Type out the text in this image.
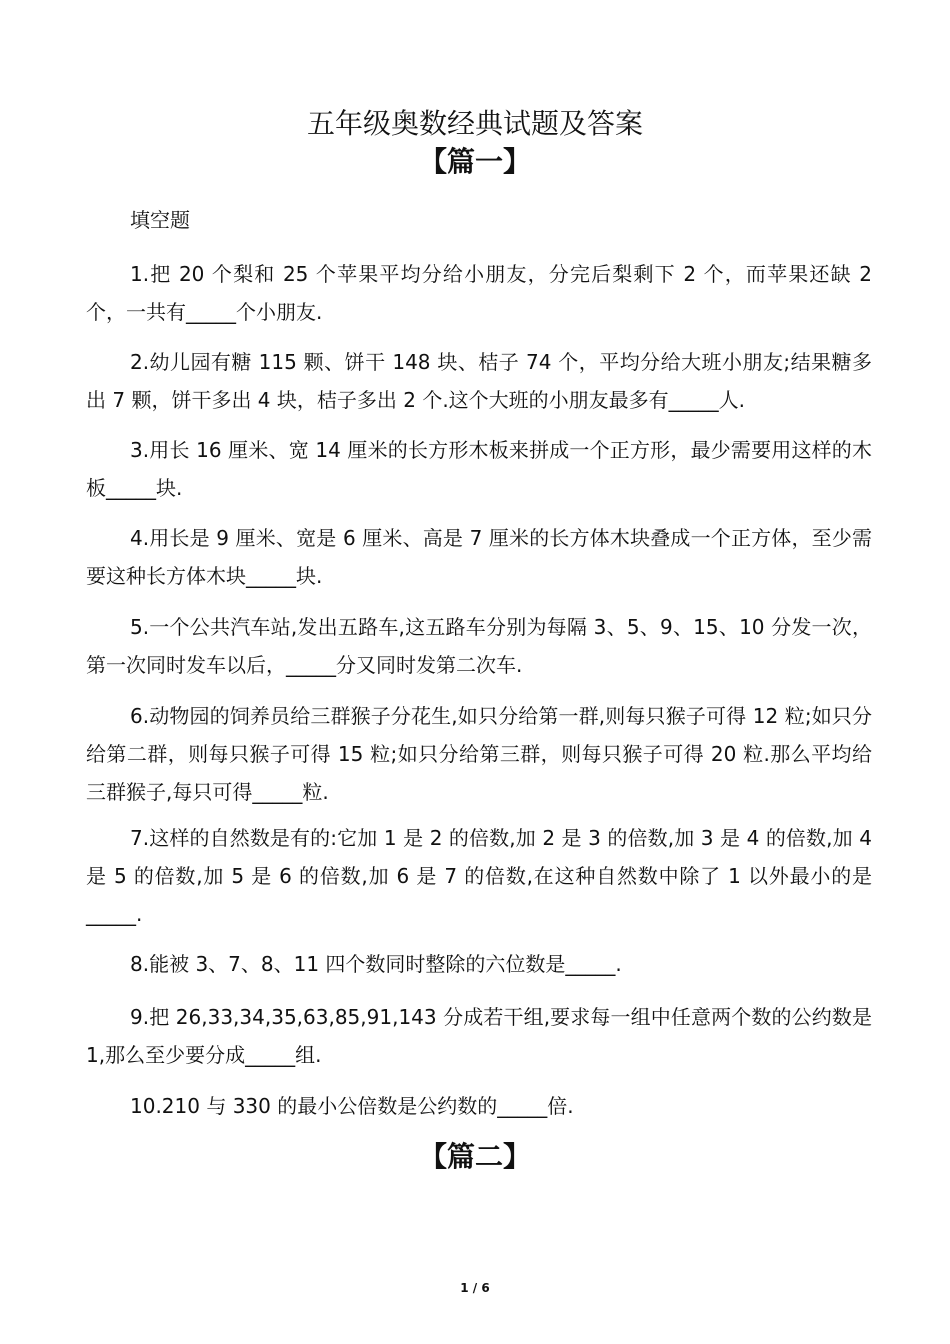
五年级奥数经典试题及答案
【篇一】

填空题

1.把 20 个梨和 25 个苹果平均分给小朋友，分完后梨剩下 2 个，而苹果还缺 2 个，一共有_____个小朋友.

2.幼儿园有糖 115 颗、饼干 148 块、桔子 74 个，平均分给大班小朋友;结果糖多出 7 颗，饼干多出 4 块，桔子多出 2 个.这个大班的小朋友最多有_____人.

3.用长 16 厘米、宽 14 厘米的长方形木板来拼成一个正方形，最少需要用这样的木板_____块.

4.用长是 9 厘米、宽是 6 厘米、高是 7 厘米的长方体木块叠成一个正方体，至少需要这种长方体木块_____块.

5.一个公共汽车站,发出五路车,这五路车分别为每隔 3、5、9、15、10 分发一次，第一次同时发车以后，_____分又同时发第二次车.

6.动物园的饲养员给三群猴子分花生,如只分给第一群,则每只猴子可得 12 粒;如只分给第二群，则每只猴子可得 15 粒;如只分给第三群，则每只猴子可得 20 粒.那么平均给三群猴子,每只可得_____粒.

7.这样的自然数是有的:它加 1 是 2 的倍数,加 2 是 3 的倍数,加 3 是 4 的倍数,加 4 是 5 的倍数,加 5 是 6 的倍数,加 6 是 7 的倍数,在这种自然数中除了 1 以外最小的是_____.

8.能被 3、7、8、11 四个数同时整除的六位数是_____.

9.把 26,33,34,35,63,85,91,143 分成若干组,要求每一组中任意两个数的公约数是 1,那么至少要分成_____组.

10.210 与 330 的最小公倍数是公约数的_____倍.

【篇二】
1 / 6
